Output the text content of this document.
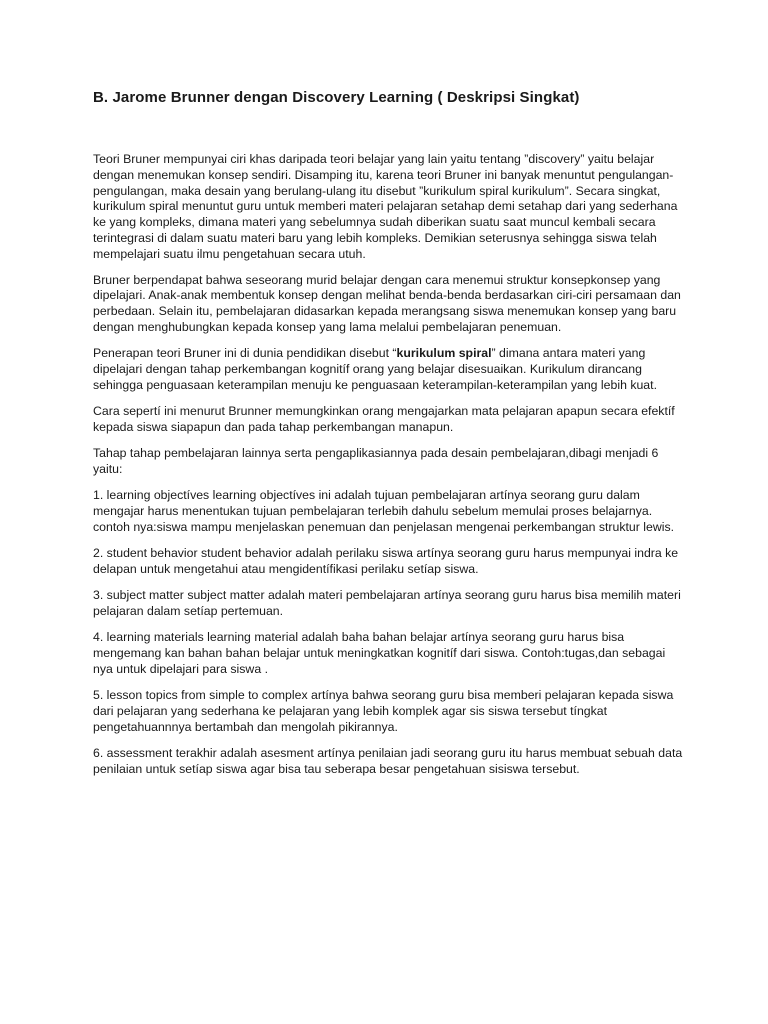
B. Jarome Brunner dengan Discovery Learning ( Deskripsi Singkat)

Teori Bruner mempunyai ciri khas daripada teori belajar yang lain yaitu tentang ”discovery” yaitu belajar dengan menemukan konsep sendiri. Disamping itu, karena teori Bruner ini banyak menuntut pengulangan-pengulangan, maka desain yang berulang-ulang itu disebut ”kurikulum spiral kurikulum”. Secara singkat, kurikulum spiral menuntut guru untuk memberi materi pelajaran setahap demi setahap dari yang sederhana ke yang kompleks, dimana materi yang sebelumnya sudah diberikan suatu saat muncul kembali secara terintegrasi di dalam suatu materi baru yang lebih kompleks. Demikian seterusnya sehingga siswa telah mempelajari suatu ilmu pengetahuan secara utuh.

Bruner berpendapat bahwa seseorang murid belajar dengan cara menemui struktur konsepkonsep yang dipelajari. Anak-anak membentuk konsep dengan melihat benda-benda berdasarkan ciri-ciri persamaan dan perbedaan. Selain itu, pembelajaran didasarkan kepada merangsang siswa menemukan konsep yang baru dengan menghubungkan kepada konsep yang lama melalui pembelajaran penemuan.

Penerapan teori Bruner ini di dunia pendidikan disebut “kurikulum spiral” dimana antara materi yang dipelajari dengan tahap perkembangan kognitíf orang yang belajar disesuaikan. Kurikulum dirancang sehingga penguasaan keterampilan menuju ke penguasaan keterampilan-keterampilan yang lebih kuat.

Cara sepertí ini menurut Brunner memungkinkan orang mengajarkan mata pelajaran apapun secara efektíf kepada siswa siapapun dan pada tahap perkembangan manapun.

Tahap tahap pembelajaran lainnya serta pengaplikasiannya pada desain pembelajaran,dibagi menjadi 6 yaitu:

1. learning objectíves learning objectíves ini adalah tujuan pembelajaran artínya seorang guru dalam mengajar harus menentukan tujuan pembelajaran terlebih dahulu sebelum memulai proses belajarnya. contoh nya:siswa mampu menjelaskan penemuan dan penjelasan mengenai perkembangan struktur lewis.

2. student behavior student behavior adalah perilaku siswa artínya seorang guru harus mempunyai indra ke delapan untuk mengetahui atau mengidentífikasi perilaku setíap siswa.

3. subject matter subject matter adalah materi pembelajaran artínya seorang guru harus bisa memilih materi pelajaran dalam setíap pertemuan.

4. learning materials learning material adalah baha bahan belajar artínya seorang guru harus bisa mengemang kan bahan bahan belajar untuk meningkatkan kognitíf dari siswa. Contoh:tugas,dan sebagai nya untuk dipelajari para siswa .

5. lesson topics from simple to complex artínya bahwa seorang guru bisa memberi pelajaran kepada siswa dari pelajaran yang sederhana ke pelajaran yang lebih komplek agar sis siswa tersebut tíngkat pengetahuannnya bertambah dan mengolah pikirannya.

6. assessment terakhir adalah asesment artínya penilaian jadi seorang guru itu harus membuat sebuah data penilaian untuk setíap siswa agar bisa tau seberapa besar pengetahuan sisiswa tersebut.
